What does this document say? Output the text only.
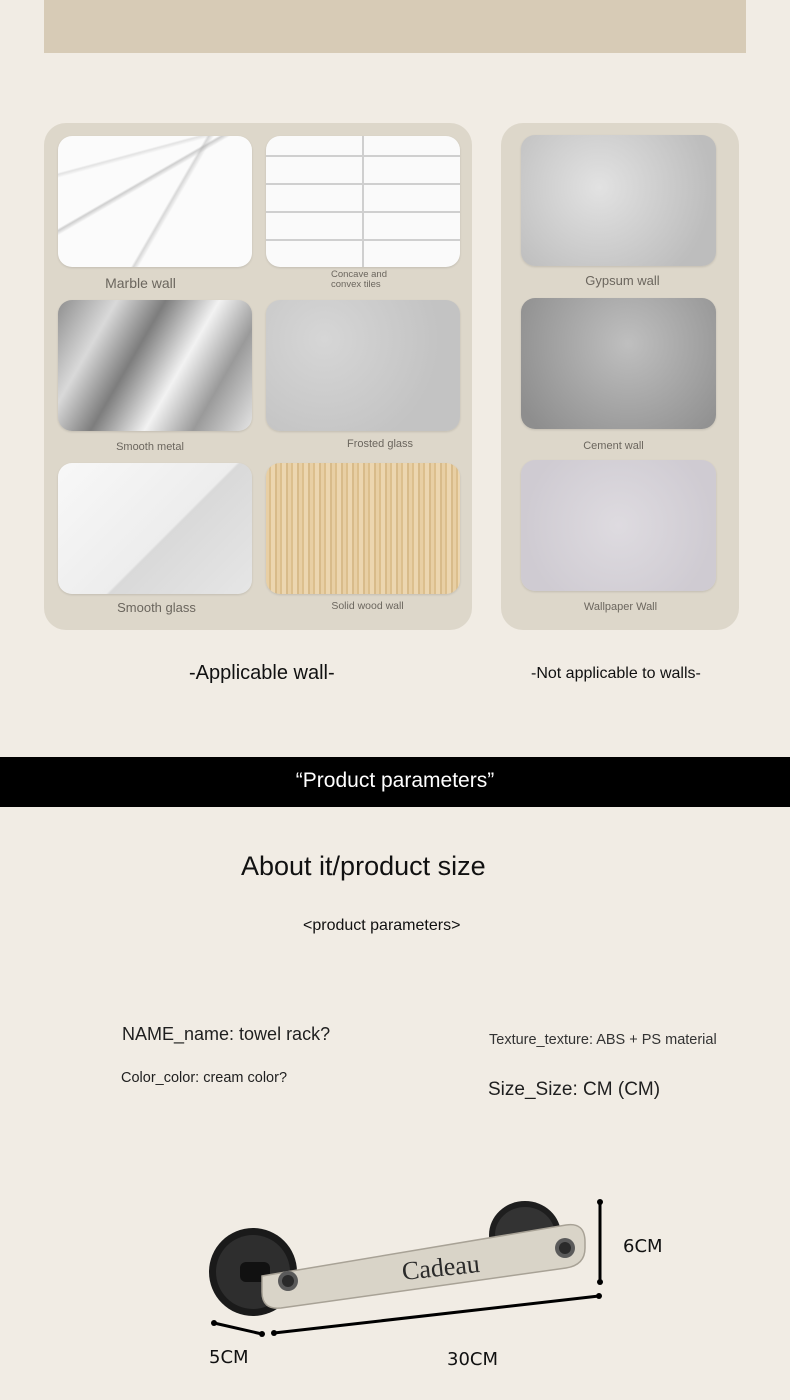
Marble wall
Concave and convex tiles
Smooth metal	Frosted glass
Smooth glass	Solid wood wall
Gypsum wall
Cement wall
Wallpaper Wall
-Applicable wall-	-Not applicable to walls-
“Product parameters”
About it/product size
<product parameters>
NAME_name: towel rack?
Color_color: cream color?
Texture_texture: ABS + PS material
Size_Size: CM (CM)
Cadeau
6CM
30CM
5CM
